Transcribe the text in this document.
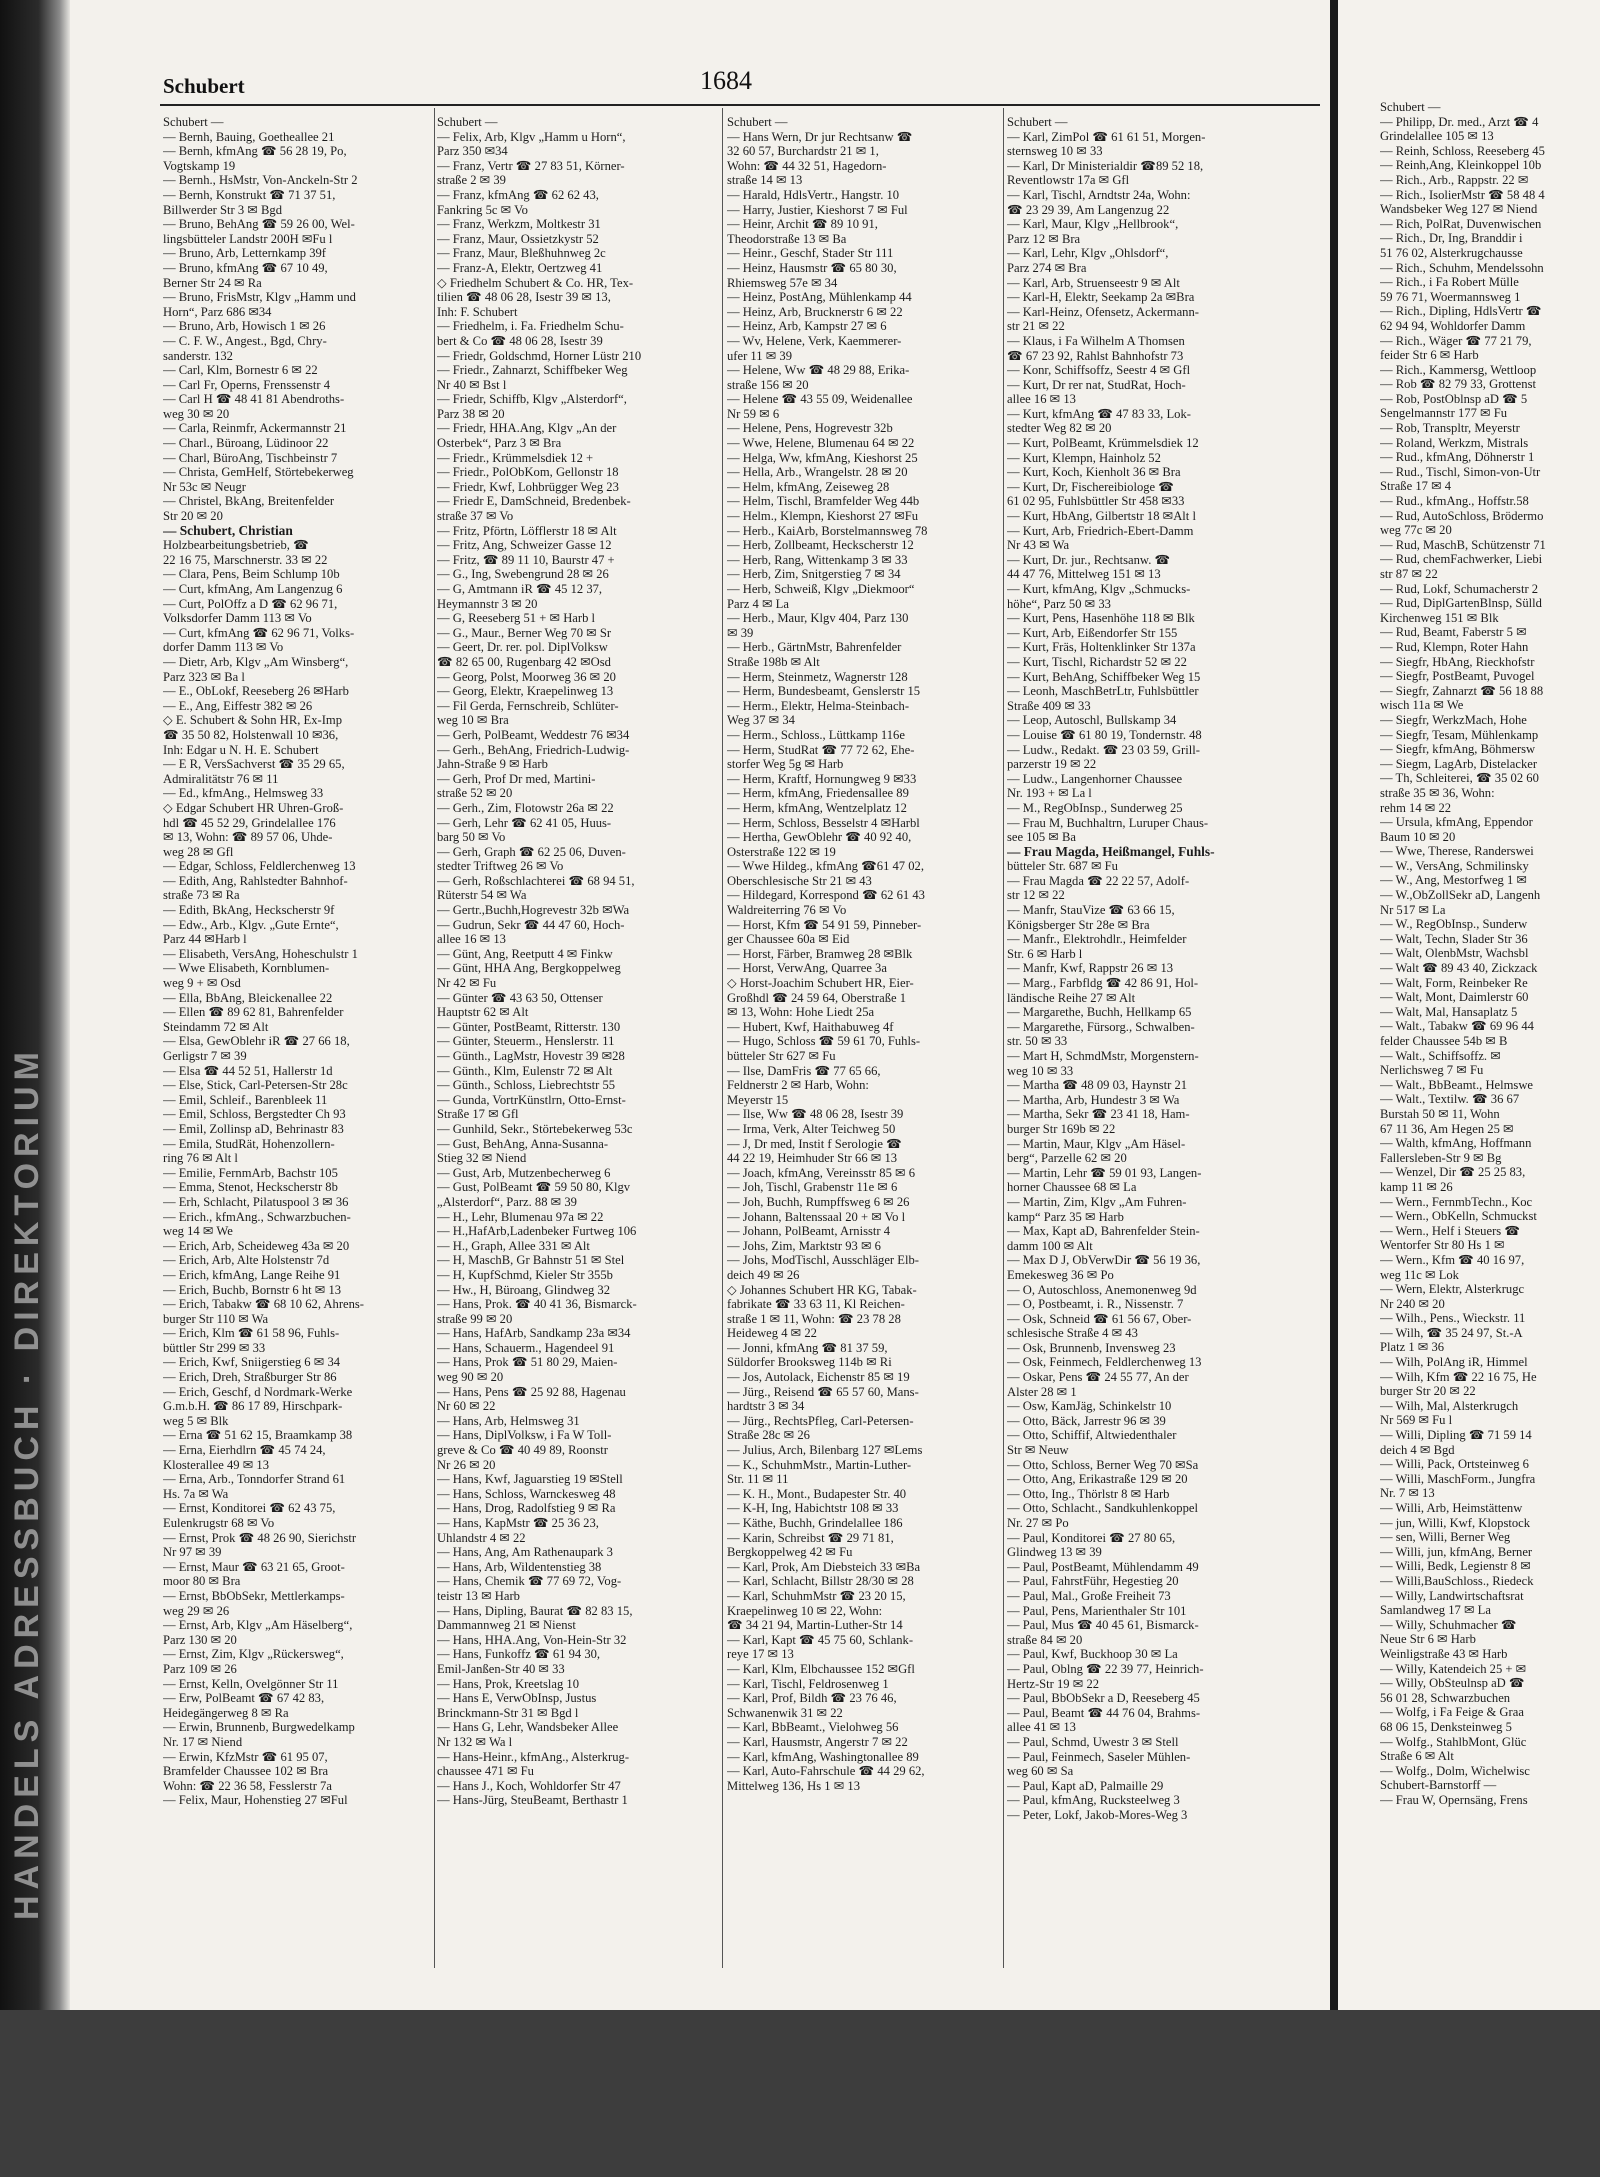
HANDELS ADRESSBUCH · DIREKTORIUM
Schubert	1684
Schubert —
— Bernh, Bauing, Goetheallee 21
— Bernh, kfmAng ☎ 56 28 19, Po,
Vogtskamp 19
— Bernh., HsMstr, Von-Anckeln-Str 2
— Bernh, Konstrukt ☎ 71 37 51,
Billwerder Str 3 ✉ Bgd
— Bruno, BehAng ☎ 59 26 00, Wel-
lingsbütteler Landstr 200H ✉Fu l
— Bruno, Arb, Letternkamp 39f
— Bruno, kfmAng ☎ 67 10 49,
Berner Str 24 ✉ Ra
— Bruno, FrisMstr, Klgv „Hamm und
Horn“, Parz 686 ✉34
— Bruno, Arb, Howisch 1 ✉ 26
— C. F. W., Angest., Bgd, Chry-
sanderstr. 132
— Carl, Klm, Bornestr 6 ✉ 22
— Carl Fr, Operns, Frenssenstr 4
— Carl H ☎ 48 41 81 Abendroths-
weg 30 ✉ 20
— Carla, Reinmfr, Ackermannstr 21
— Charl., Büroang, Lüdinoor 22
— Charl, BüroAng, Tischbeinstr 7
— Christa, GemHelf, Störtebekerweg
Nr 53c ✉ Neugr
— Christel, BkAng, Breitenfelder
Str 20 ✉ 20
— Schubert, Christian
Holzbearbeitungsbetrieb, ☎
22 16 75, Marschnerstr. 33 ✉ 22
— Clara, Pens, Beim Schlump 10b
— Curt, kfmAng, Am Langenzug 6
— Curt, PolOffz a D ☎ 62 96 71,
Volksdorfer Damm 113 ✉ Vo
— Curt, kfmAng ☎ 62 96 71, Volks-
dorfer Damm 113 ✉ Vo
— Dietr, Arb, Klgv „Am Winsberg“,
Parz 323 ✉ Ba l
— E., ObLokf, Reeseberg 26 ✉Harb
— E., Ang, Eiffestr 382 ✉ 26
◇ E. Schubert & Sohn HR, Ex-Imp
☎ 35 50 82, Holstenwall 10 ✉36,
Inh: Edgar u N. H. E. Schubert
— E R, VersSachverst ☎ 35 29 65,
Admiralitätstr 76 ✉ 11
— Ed., kfmAng., Helmsweg 33
◇ Edgar Schubert HR Uhren-Groß-
hdl ☎ 45 52 29, Grindelallee 176
✉ 13, Wohn: ☎ 89 57 06, Uhde-
weg 28 ✉ Gfl
— Edgar, Schloss, Feldlerchenweg 13
— Edith, Ang, Rahlstedter Bahnhof-
straße 73 ✉ Ra
— Edith, BkAng, Heckscherstr 9f
— Edw., Arb., Klgv. „Gute Ernte“,
Parz 44 ✉Harb l
— Elisabeth, VersAng, Hoheschulstr 1
— Wwe Elisabeth, Kornblumen-
weg 9 + ✉ Osd
— Ella, BbAng, Bleickenallee 22
— Ellen ☎ 89 62 81, Bahrenfelder
Steindamm 72 ✉ Alt
— Elsa, GewOblehr iR ☎ 27 66 18,
Gerligstr 7 ✉ 39
— Elsa ☎ 44 52 51, Hallerstr 1d
— Else, Stick, Carl-Petersen-Str 28c
— Emil, Schleif., Barenbleek 11
— Emil, Schloss, Bergstedter Ch 93
— Emil, Zollinsp aD, Behrinastr 83
— Emila, StudRät, Hohenzollern-
ring 76 ✉ Alt l
— Emilie, FernmArb, Bachstr 105
— Emma, Stenot, Heckscherstr 8b
— Erh, Schlacht, Pilatuspool 3 ✉ 36
— Erich., kfmAng., Schwarzbuchen-
weg 14 ✉ We
— Erich, Arb, Scheideweg 43a ✉ 20
— Erich, Arb, Alte Holstenstr 7d
— Erich, kfmAng, Lange Reihe 91
— Erich, Buchb, Bornstr 6 ht ✉ 13
— Erich, Tabakw ☎ 68 10 62, Ahrens-
burger Str 110 ✉ Wa
— Erich, Klm ☎ 61 58 96, Fuhls-
büttler Str 299 ✉ 33
— Erich, Kwf, Sniigerstieg 6 ✉ 34
— Erich, Dreh, Straßburger Str 86
— Erich, Geschf, d Nordmark-Werke
G.m.b.H. ☎ 86 17 89, Hirschpark-
weg 5 ✉ Blk
— Erna ☎ 51 62 15, Braamkamp 38
— Erna, Eierhdlrn ☎ 45 74 24,
Klosterallee 49 ✉ 13
— Erna, Arb., Tonndorfer Strand 61
Hs. 7a ✉ Wa
— Ernst, Konditorei ☎ 62 43 75,
Eulenkrugstr 68 ✉ Vo
— Ernst, Prok ☎ 48 26 90, Sierichstr
Nr 97 ✉ 39
— Ernst, Maur ☎ 63 21 65, Groot-
moor 80 ✉ Bra
— Ernst, BbObSekr, Mettlerkamps-
weg 29 ✉ 26
— Ernst, Arb, Klgv „Am Häselberg“,
Parz 130 ✉ 20
— Ernst, Zim, Klgv „Rückersweg“,
Parz 109 ✉ 26
— Ernst, Kelln, Ovelgönner Str 11
— Erw, PolBeamt ☎ 67 42 83,
Heidegängerweg 8 ✉ Ra
— Erwin, Brunnenb, Burgwedelkamp
Nr. 17 ✉ Niend
— Erwin, KfzMstr ☎ 61 95 07,
Bramfelder Chaussee 102 ✉ Bra
Wohn: ☎ 22 36 58, Fesslerstr 7a
— Felix, Maur, Hohenstieg 27 ✉Ful
Schubert —
— Felix, Arb, Klgv „Hamm u Horn“,
Parz 350 ✉34
— Franz, Vertr ☎ 27 83 51, Körner-
straße 2 ✉ 39
— Franz, kfmAng ☎ 62 62 43,
Fankring 5c ✉ Vo
— Franz, Werkzm, Moltkestr 31
— Franz, Maur, Ossietzkystr 52
— Franz, Maur, Bleßhuhnweg 2c
— Franz-A, Elektr, Oertzweg 41
◇ Friedhelm Schubert & Co. HR, Tex-
tilien ☎ 48 06 28, Isestr 39 ✉ 13,
Inh: F. Schubert
— Friedhelm, i. Fa. Friedhelm Schu-
bert & Co ☎ 48 06 28, Isestr 39
— Friedr, Goldschmd, Horner Lüstr 210
— Friedr., Zahnarzt, Schiffbeker Weg
Nr 40 ✉ Bst l
— Friedr, Schiffb, Klgv „Alsterdorf“,
Parz 38 ✉ 20
— Friedr, HHA.Ang, Klgv „An der
Osterbek“, Parz 3 ✉ Bra
— Friedr., Krümmelsdiek 12 +
— Friedr., PolObKom, Gellonstr 18
— Friedr, Kwf, Lohbrügger Weg 23
— Friedr E, DamSchneid, Bredenbek-
straße 37 ✉ Vo
— Fritz, Pförtn, Löfflerstr 18 ✉ Alt
— Fritz, Ang, Schweizer Gasse 12
— Fritz, ☎ 89 11 10, Baurstr 47 +
— G., Ing, Swebengrund 28 ✉ 26
— G, Amtmann iR ☎ 45 12 37,
Heymannstr 3 ✉ 20
— G, Reeseberg 51 + ✉ Harb l
— G., Maur., Berner Weg 70 ✉ Sr
— Geert, Dr. rer. pol. DiplVolksw
☎ 82 65 00, Rugenbarg 42 ✉Osd
— Georg, Polst, Moorweg 36 ✉ 20
— Georg, Elektr, Kraepelinweg 13
— Fil Gerda, Fernschreib, Schlüter-
weg 10 ✉ Bra
— Gerh, PolBeamt, Weddestr 76 ✉34
— Gerh., BehAng, Friedrich-Ludwig-
Jahn-Straße 9 ✉ Harb
— Gerh, Prof Dr med, Martini-
straße 52 ✉ 20
— Gerh., Zim, Flotowstr 26a ✉ 22
— Gerh, Lehr ☎ 62 41 05, Huus-
barg 50 ✉ Vo
— Gerh, Graph ☎ 62 25 06, Duven-
stedter Triftweg 26 ✉ Vo
— Gerh, Roßschlachterei ☎ 68 94 51,
Rüterstr 54 ✉ Wa
— Gertr.,Buchh,Hogrevestr 32b ✉Wa
— Gudrun, Sekr ☎ 44 47 60, Hoch-
allee 16 ✉ 13
— Günt, Ang, Reetputt 4 ✉ Finkw
— Günt, HHA Ang, Bergkoppelweg
Nr 42 ✉ Fu
— Günter ☎ 43 63 50, Ottenser
Hauptstr 62 ✉ Alt
— Günter, PostBeamt, Ritterstr. 130
— Günter, Steuerm., Henslerstr. 11
— Günth., LagMstr, Hovestr 39 ✉28
— Günth., Klm, Eulenstr 72 ✉ Alt
— Günth., Schloss, Liebrechtstr 55
— Gunda, VortrKünstlrn, Otto-Ernst-
Straße 17 ✉ Gfl
— Gunhild, Sekr., Störtebekerweg 53c
— Gust, BehAng, Anna-Susanna-
Stieg 32 ✉ Niend
— Gust, Arb, Mutzenbecherweg 6
— Gust, PolBeamt ☎ 59 50 80, Klgv
„Alsterdorf“, Parz. 88 ✉ 39
— H., Lehr, Blumenau 97a ✉ 22
— H.,HafArb,Ladenbeker Furtweg 106
— H., Graph, Allee 331 ✉ Alt
— H, MaschB, Gr Bahnstr 51 ✉ Stel
— H, KupfSchmd, Kieler Str 355b
— Hw., H, Büroang, Glindweg 32
— Hans, Prok. ☎ 40 41 36, Bismarck-
straße 99 ✉ 20
— Hans, HafArb, Sandkamp 23a ✉34
— Hans, Schauerm., Hagendeel 91
— Hans, Prok ☎ 51 80 29, Maien-
weg 90 ✉ 20
— Hans, Pens ☎ 25 92 88, Hagenau
Nr 60 ✉ 22
— Hans, Arb, Helmsweg 31
— Hans, DiplVolksw, i Fa W Toll-
greve & Co ☎ 40 49 89, Roonstr
Nr 26 ✉ 20
— Hans, Kwf, Jaguarstieg 19 ✉Stell
— Hans, Schloss, Warnckesweg 48
— Hans, Drog, Radolfstieg 9 ✉ Ra
— Hans, KapMstr ☎ 25 36 23,
Uhlandstr 4 ✉ 22
— Hans, Ang, Am Rathenaupark 3
— Hans, Arb, Wildentenstieg 38
— Hans, Chemik ☎ 77 69 72, Vog-
teistr 13 ✉ Harb
— Hans, Dipling, Baurat ☎ 82 83 15,
Dammannweg 21 ✉ Nienst
— Hans, HHA.Ang, Von-Hein-Str 32
— Hans, Funkoffz ☎ 61 94 30,
Emil-Janßen-Str 40 ✉ 33
— Hans, Prok, Kreetslag 10
— Hans E, VerwObInsp, Justus
Brinckmann-Str 31 ✉ Bgd l
— Hans G, Lehr, Wandsbeker Allee
Nr 132 ✉ Wa l
— Hans-Heinr., kfmAng., Alsterkrug-
chaussee 471 ✉ Fu
— Hans J., Koch, Wohldorfer Str 47
— Hans-Jürg, SteuBeamt, Berthastr 1
Schubert —
— Hans Wern, Dr jur Rechtsanw ☎
32 60 57, Burchardstr 21 ✉ 1,
Wohn: ☎ 44 32 51, Hagedorn-
straße 14 ✉ 13
— Harald, HdlsVertr., Hangstr. 10
— Harry, Justier, Kieshorst 7 ✉ Ful
— Heinr, Archit ☎ 89 10 91,
Theodorstraße 13 ✉ Ba
— Heinr., Geschf, Stader Str 111
— Heinz, Hausmstr ☎ 65 80 30,
Rhiemsweg 57e ✉ 34
— Heinz, PostAng, Mühlenkamp 44
— Heinz, Arb, Brucknerstr 6 ✉ 22
— Heinz, Arb, Kampstr 27 ✉ 6
— Wv, Helene, Verk, Kaemmerer-
ufer 11 ✉ 39
— Helene, Ww ☎ 48 29 88, Erika-
straße 156 ✉ 20
— Helene ☎ 43 55 09, Weidenallee
Nr 59 ✉ 6
— Helene, Pens, Hogrevestr 32b
— Wwe, Helene, Blumenau 64 ✉ 22
— Helga, Ww, kfmAng, Kieshorst 25
— Hella, Arb., Wrangelstr. 28 ✉ 20
— Helm, kfmAng, Zeiseweg 28
— Helm, Tischl, Bramfelder Weg 44b
— Helm., Klempn, Kieshorst 27 ✉Fu
— Herb., KaiArb, Borstelmannsweg 78
— Herb, Zollbeamt, Heckscherstr 12
— Herb, Rang, Wittenkamp 3 ✉ 33
— Herb, Zim, Snitgerstieg 7 ✉ 34
— Herb, Schweiß, Klgv „Diekmoor“
Parz 4 ✉ La
— Herb., Maur, Klgv 404, Parz 130
✉ 39
— Herb., GärtnMstr, Bahrenfelder
Straße 198b ✉ Alt
— Herm, Steinmetz, Wagnerstr 128
— Herm, Bundesbeamt, Genslerstr 15
— Herm., Elektr, Helma-Steinbach-
Weg 37 ✉ 34
— Herm., Schloss., Lüttkamp 116e
— Herm, StudRat ☎ 77 72 62, Ehe-
storfer Weg 5g ✉ Harb
— Herm, Kraftf, Hornungweg 9 ✉33
— Herm, kfmAng, Friedensallee 89
— Herm, kfmAng, Wentzelplatz 12
— Herm, Schloss, Besselstr 4 ✉Harbl
— Hertha, GewOblehr ☎ 40 92 40,
Osterstraße 122 ✉ 19
— Wwe Hildeg., kfmAng ☎61 47 02,
Oberschlesische Str 21 ✉ 43
— Hildegard, Korrespond ☎ 62 61 43
Waldreiterring 76 ✉ Vo
— Horst, Kfm ☎ 54 91 59, Pinneber-
ger Chaussee 60a ✉ Eid
— Horst, Färber, Bramweg 28 ✉Blk
— Horst, VerwAng, Quarree 3a
◇ Horst-Joachim Schubert HR, Eier-
Großhdl ☎ 24 59 64, Oberstraße 1
✉ 13, Wohn: Hohe Liedt 25a
— Hubert, Kwf, Haithabuweg 4f
— Hugo, Schloss ☎ 59 61 70, Fuhls-
bütteler Str 627 ✉ Fu
— Ilse, DamFris ☎ 77 65 66,
Feldnerstr 2 ✉ Harb, Wohn:
Meyerstr 15
— Ilse, Ww ☎ 48 06 28, Isestr 39
— Irma, Verk, Alter Teichweg 50
— J, Dr med, Instit f Serologie ☎
44 22 19, Heimhuder Str 66 ✉ 13
— Joach, kfmAng, Vereinsstr 85 ✉ 6
— Joh, Tischl, Grabenstr 11e ✉ 6
— Joh, Buchh, Rumpffsweg 6 ✉ 26
— Johann, Baltenssaal 20 + ✉ Vo l
— Johann, PolBeamt, Arnisstr 4
— Johs, Zim, Marktstr 93 ✉ 6
— Johs, ModTischl, Ausschläger Elb-
deich 49 ✉ 26
◇ Johannes Schubert HR KG, Tabak-
fabrikate ☎ 33 63 11, Kl Reichen-
straße 1 ✉ 11, Wohn: ☎ 23 78 28
Heideweg 4 ✉ 22
— Jonni, kfmAng ☎ 81 37 59,
Süldorfer Brooksweg 114b ✉ Ri
— Jos, Autolack, Eichenstr 85 ✉ 19
— Jürg., Reisend ☎ 65 57 60, Mans-
hardtstr 3 ✉ 34
— Jürg., RechtsPfleg, Carl-Petersen-
Straße 28c ✉ 26
— Julius, Arch, Bilenbarg 127 ✉Lems
— K., SchuhmMstr., Martin-Luther-
Str. 11 ✉ 11
— K. H., Mont., Budapester Str. 40
— K-H, Ing, Habichtstr 108 ✉ 33
— Käthe, Buchh, Grindelallee 186
— Karin, Schreibst ☎ 29 71 81,
Bergkoppelweg 42 ✉ Fu
— Karl, Prok, Am Diebsteich 33 ✉Ba
— Karl, Schlacht, Billstr 28/30 ✉ 28
— Karl, SchuhmMstr ☎ 23 20 15,
Kraepelinweg 10 ✉ 22, Wohn:
☎ 34 21 94, Martin-Luther-Str 14
— Karl, Kapt ☎ 45 75 60, Schlank-
reye 17 ✉ 13
— Karl, Klm, Elbchaussee 152 ✉Gfl
— Karl, Tischl, Feldrosenweg 1
— Karl, Prof, Bildh ☎ 23 76 46,
Schwanenwik 31 ✉ 22
— Karl, BbBeamt., Vielohweg 56
— Karl, Hausmstr, Angerstr 7 ✉ 22
— Karl, kfmAng, Washingtonallee 89
— Karl, Auto-Fahrschule ☎ 44 29 62,
Mittelweg 136, Hs 1 ✉ 13
Schubert —
— Karl, ZimPol ☎ 61 61 51, Morgen-
sternsweg 10 ✉ 33
— Karl, Dr Ministerialdir ☎89 52 18,
Reventlowstr 17a ✉ Gfl
— Karl, Tischl, Arndtstr 24a, Wohn:
☎ 23 29 39, Am Langenzug 22
— Karl, Maur, Klgv „Hellbrook“,
Parz 12 ✉ Bra
— Karl, Lehr, Klgv „Ohlsdorf“,
Parz 274 ✉ Bra
— Karl, Arb, Struenseestr 9 ✉ Alt
— Karl-H, Elektr, Seekamp 2a ✉Bra
— Karl-Heinz, Ofensetz, Ackermann-
str 21 ✉ 22
— Klaus, i Fa Wilhelm A Thomsen
☎ 67 23 92, Rahlst Bahnhofstr 73
— Konr, Schiffsoffz, Seestr 4 ✉ Gfl
— Kurt, Dr rer nat, StudRat, Hoch-
allee 16 ✉ 13
— Kurt, kfmAng ☎ 47 83 33, Lok-
stedter Weg 82 ✉ 20
— Kurt, PolBeamt, Krümmelsdiek 12
— Kurt, Klempn, Hainholz 52
— Kurt, Koch, Kienholt 36 ✉ Bra
— Kurt, Dr, Fischereibiologe ☎
61 02 95, Fuhlsbüttler Str 458 ✉33
— Kurt, HbAng, Gilbertstr 18 ✉Alt l
— Kurt, Arb, Friedrich-Ebert-Damm
Nr 43 ✉ Wa
— Kurt, Dr. jur., Rechtsanw. ☎
44 47 76, Mittelweg 151 ✉ 13
— Kurt, kfmAng, Klgv „Schmucks-
höhe“, Parz 50 ✉ 33
— Kurt, Pens, Hasenhöhe 118 ✉ Blk
— Kurt, Arb, Eißendorfer Str 155
— Kurt, Fräs, Holtenklinker Str 137a
— Kurt, Tischl, Richardstr 52 ✉ 22
— Kurt, BehAng, Schiffbeker Weg 15
— Leonh, MaschBetrLtr, Fuhlsbüttler
Straße 409 ✉ 33
— Leop, Autoschl, Bullskamp 34
— Louise ☎ 61 80 19, Tondernstr. 48
— Ludw., Redakt. ☎ 23 03 59, Grill-
parzerstr 19 ✉ 22
— Ludw., Langenhorner Chaussee
Nr. 193 + ✉ La l
— M., RegObInsp., Sunderweg 25
— Frau M, Buchhaltrn, Luruper Chaus-
see 105 ✉ Ba
— Frau Magda, Heißmangel, Fuhls-
bütteler Str. 687 ✉ Fu
— Frau Magda ☎ 22 22 57, Adolf-
str 12 ✉ 22
— Manfr, StauVize ☎ 63 66 15,
Königsberger Str 28e ✉ Bra
— Manfr., Elektrohdlr., Heimfelder
Str. 6 ✉ Harb l
— Manfr, Kwf, Rappstr 26 ✉ 13
— Marg., Farbfldg ☎ 42 86 91, Hol-
ländische Reihe 27 ✉ Alt
— Margarethe, Buchh, Hellkamp 65
— Margarethe, Fürsorg., Schwalben-
str. 50 ✉ 33
— Mart H, SchmdMstr, Morgenstern-
weg 10 ✉ 33
— Martha ☎ 48 09 03, Haynstr 21
— Martha, Arb, Hundestr 3 ✉ Wa
— Martha, Sekr ☎ 23 41 18, Ham-
burger Str 169b ✉ 22
— Martin, Maur, Klgv „Am Häsel-
berg“, Parzelle 62 ✉ 20
— Martin, Lehr ☎ 59 01 93, Langen-
horner Chaussee 68 ✉ La
— Martin, Zim, Klgv „Am Fuhren-
kamp“ Parz 35 ✉ Harb
— Max, Kapt aD, Bahrenfelder Stein-
damm 100 ✉ Alt
— Max D J, ObVerwDir ☎ 56 19 36,
Emekesweg 36 ✉ Po
— O, Autoschloss, Anemonenweg 9d
— O, Postbeamt, i. R., Nissenstr. 7
— Osk, Schneid ☎ 61 56 67, Ober-
schlesische Straße 4 ✉ 43
— Osk, Brunnenb, Invensweg 23
— Osk, Feinmech, Feldlerchenweg 13
— Oskar, Pens ☎ 24 55 77, An der
Alster 28 ✉ 1
— Osw, KamJäg, Schinkelstr 10
— Otto, Bäck, Jarrestr 96 ✉ 39
— Otto, Schiffif, Altwiedenthaler
Str ✉ Neuw
— Otto, Schloss, Berner Weg 70 ✉Sa
— Otto, Ang, Erikastraße 129 ✉ 20
— Otto, Ing., Thörlstr 8 ✉ Harb
— Otto, Schlacht., Sandkuhlenkoppel
Nr. 27 ✉ Po
— Paul, Konditorei ☎ 27 80 65,
Glindweg 13 ✉ 39
— Paul, PostBeamt, Mühlendamm 49
— Paul, FahrstFühr, Hegestieg 20
— Paul, Mal., Große Freiheit 73
— Paul, Pens, Marienthaler Str 101
— Paul, Mus ☎ 40 45 61, Bismarck-
straße 84 ✉ 20
— Paul, Kwf, Buckhoop 30 ✉ La
— Paul, Oblng ☎ 22 39 77, Heinrich-
Hertz-Str 19 ✉ 22
— Paul, BbObSekr a D, Reeseberg 45
— Paul, Beamt ☎ 44 76 04, Brahms-
allee 41 ✉ 13
— Paul, Schmd, Uwestr 3 ✉ Stell
— Paul, Feinmech, Saseler Mühlen-
weg 60 ✉ Sa
— Paul, Kapt aD, Palmaille 29
— Paul, kfmAng, Rucksteelweg 3
— Peter, Lokf, Jakob-Mores-Weg 3
Schubert —
— Philipp, Dr. med., Arzt ☎ 4
Grindelallee 105 ✉ 13
— Reinh, Schloss, Reeseberg 45
— Reinh,Ang, Kleinkoppel 10b
— Rich., Arb., Rappstr. 22 ✉
— Rich., IsolierMstr ☎ 58 48 4
Wandsbeker Weg 127 ✉ Niend
— Rich, PolRat, Duvenwischen
— Rich., Dr, Ing, Branddir i
51 76 02, Alsterkrugchausse
— Rich., Schuhm, Mendelssohn
— Rich., i Fa Robert Mülle
59 76 71, Woermannsweg 1
— Rich., Dipling, HdlsVertr ☎
62 94 94, Wohldorfer Damm
— Rich., Wäger ☎ 77 21 79,
feider Str 6 ✉ Harb
— Rich., Kammersg, Wettloop
— Rob ☎ 82 79 33, Grottenst
— Rob, PostOblnsp aD ☎ 5
Sengelmannstr 177 ✉ Fu
— Rob, Transpltr, Meyerstr
— Roland, Werkzm, Mistrals
— Rud., kfmAng, Döhnerstr 1
— Rud., Tischl, Simon-von-Utr
Straße 17 ✉ 4
— Rud., kfmAng., Hoffstr.58
— Rud, AutoSchloss, Brödermo
weg 77c ✉ 20
— Rud, MaschB, Schützenstr 71
— Rud, chemFachwerker, Liebi
str 87 ✉ 22
— Rud, Lokf, Schumacherstr 2
— Rud, DiplGartenBlnsp, Sülld
Kirchenweg 151 ✉ Blk
— Rud, Beamt, Faberstr 5 ✉
— Rud, Klempn, Roter Hahn
— Siegfr, HbAng, Rieckhofstr
— Siegfr, PostBeamt, Puvogel
— Siegfr, Zahnarzt ☎ 56 18 88
wisch 11a ✉ We
— Siegfr, WerkzMach, Hohe
— Siegfr, Tesam, Mühlenkamp
— Siegfr, kfmAng, Böhmersw
— Siegm, LagArb, Distelacker
— Th, Schleiterei, ☎ 35 02 60
straße 35 ✉ 36, Wohn:
rehm 14 ✉ 22
— Ursula, kfmAng, Eppendor
Baum 10 ✉ 20
— Wwe, Therese, Randerswei
— W., VersAng, Schmilinsky
— W., Ang, Mestorfweg 1 ✉
— W.,ObZollSekr aD, Langenh
Nr 517 ✉ La
— W., RegObInsp., Sunderw
— Walt, Techn, Slader Str 36
— Walt, OlenbMstr, Wachsbl
— Walt ☎ 89 43 40, Zickzack
— Walt, Form, Reinbeker Re
— Walt, Mont, Daimlerstr 60
— Walt, Mal, Hansaplatz 5
— Walt., Tabakw ☎ 69 96 44
felder Chaussee 54b ✉ B
— Walt., Schiffsoffz. ✉
Nerlichsweg 7 ✉ Fu
— Walt., BbBeamt., Helmswe
— Walt., Textilw. ☎ 36 67
Burstah 50 ✉ 11, Wohn
67 11 36, Am Hegen 25 ✉
— Walth, kfmAng, Hoffmann
Fallersleben-Str 9 ✉ Bg
— Wenzel, Dir ☎ 25 25 83,
kamp 11 ✉ 26
— Wern., FernmbTechn., Koc
— Wern., ObKelln, Schmuckst
— Wern., Helf i Steuers ☎
Wentorfer Str 80 Hs 1 ✉
— Wern., Kfm ☎ 40 16 97,
weg 11c ✉ Lok
— Wern, Elektr, Alsterkrugc
Nr 240 ✉ 20
— Wilh., Pens., Wieckstr. 11
— Wilh, ☎ 35 24 97, St.-A
Platz 1 ✉ 36
— Wilh, PolAng iR, Himmel
— Wilh, Kfm ☎ 22 16 75, He
burger Str 20 ✉ 22
— Wilh, Mal, Alsterkrugch
Nr 569 ✉ Fu l
— Willi, Dipling ☎ 71 59 14
deich 4 ✉ Bgd
— Willi, Pack, Ortsteinweg 6
— Willi, MaschForm., Jungfra
Nr. 7 ✉ 13
— Willi, Arb, Heimstättenw
— jun, Willi, Kwf, Klopstock
— sen, Willi, Berner Weg
— Willi, jun, kfmAng, Berner
— Willi, Bedk, Legienstr 8 ✉
— Willi,BauSchloss., Riedeck
— Willy, Landwirtschaftsrat
Samlandweg 17 ✉ La
— Willy, Schuhmacher ☎
Neue Str 6 ✉ Harb
Weinligstraße 43 ✉ Harb
— Willy, Katendeich 25 + ✉
— Willy, ObSteulnsp aD ☎
56 01 28, Schwarzbuchen
— Wolfg, i Fa Feige & Graa
68 06 15, Denksteinweg 5
— Wolfg., StahlbMont, Glüc
Straße 6 ✉ Alt
— Wolfg., Dolm, Wichelwisc
Schubert-Barnstorff —
— Frau W, Opernsäng, Frens
